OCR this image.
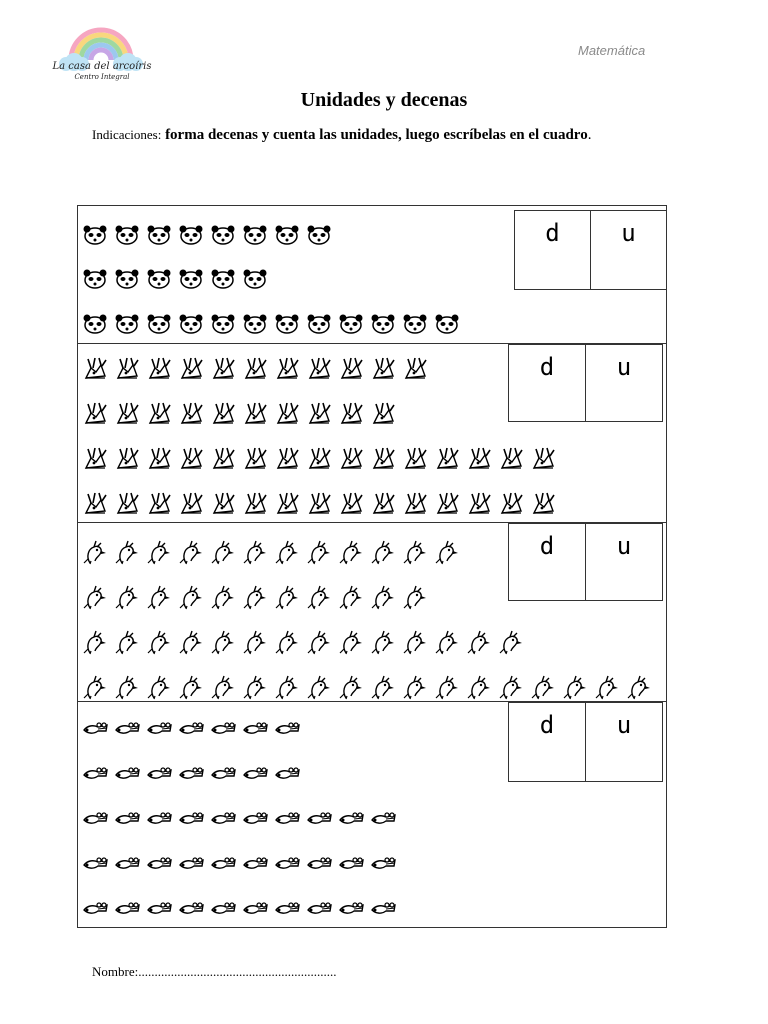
La casa del arcoíris
Centro Integral
Matemática
Unidades y decenas
Indicaciones: forma decenas y cuenta las unidades, luego escríbelas en el cuadro.
d	u
d	u
d	u
d	u
Nombre:.............................................................
